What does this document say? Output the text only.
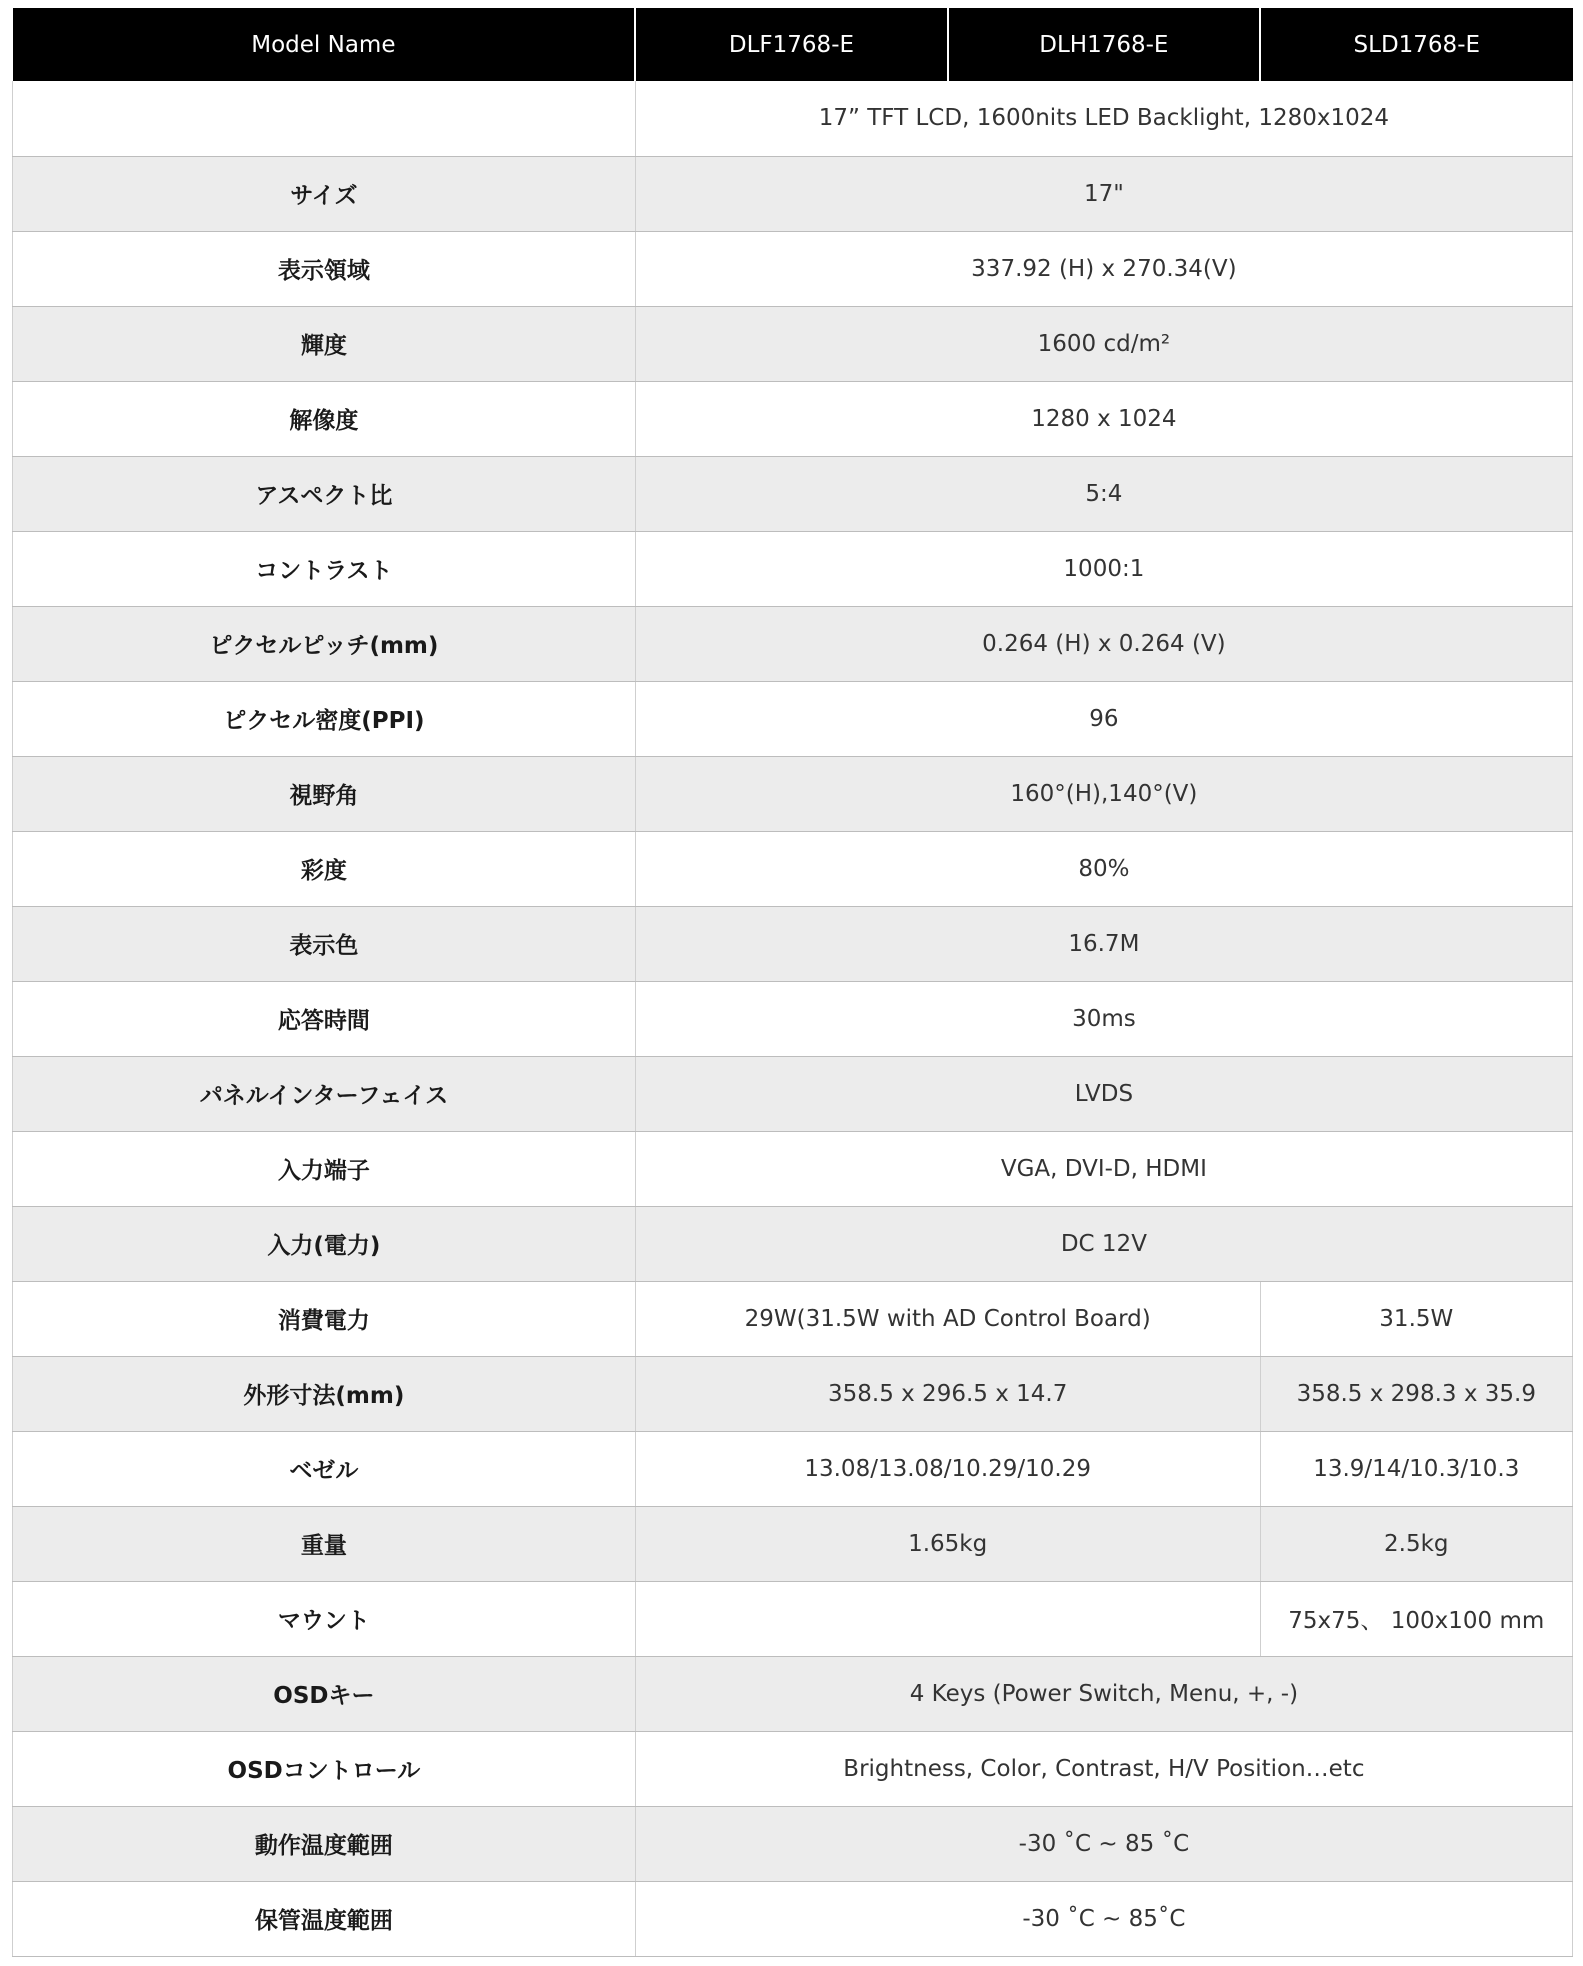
Model Name	DLF1768-E	DLH1768-E	SLD1768-E
	17” TFT LCD, 1600nits LED Backlight, 1280x1024		
サイズ	17"		
表示領域	337.92 (H) x 270.34(V)		
輝度	1600 cd/m²		
解像度	1280 x 1024		
アスペクト比	5:4		
コントラスト	1000:1		
ピクセルピッチ(mm)	0.264 (H) x 0.264 (V)		
ピクセル密度(PPI)	96		
視野角	160°(H),140°(V)		
彩度	80%		
表示色	16.7M		
応答時間	30ms		
パネルインターフェイス	LVDS		
入力端子	VGA, DVI-D, HDMI		
入力(電力)	DC 12V		
消費電力	29W(31.5W with AD Control Board)		31.5W
外形寸法(mm)	358.5 x 296.5 x 14.7		358.5 x 298.3 x 35.9
ベゼル	13.08/13.08/10.29/10.29		13.9/14/10.3/10.3
重量	1.65kg		2.5kg
マウント			75x75、 100x100 mm
OSDキー	4 Keys (Power Switch, Menu, +, -)		
OSDコントロール	Brightness, Color, Contrast, H/V Position…etc		
動作温度範囲	-30 ˚C ~ 85 ˚C		
保管温度範囲	-30 ˚C ~ 85˚C		
